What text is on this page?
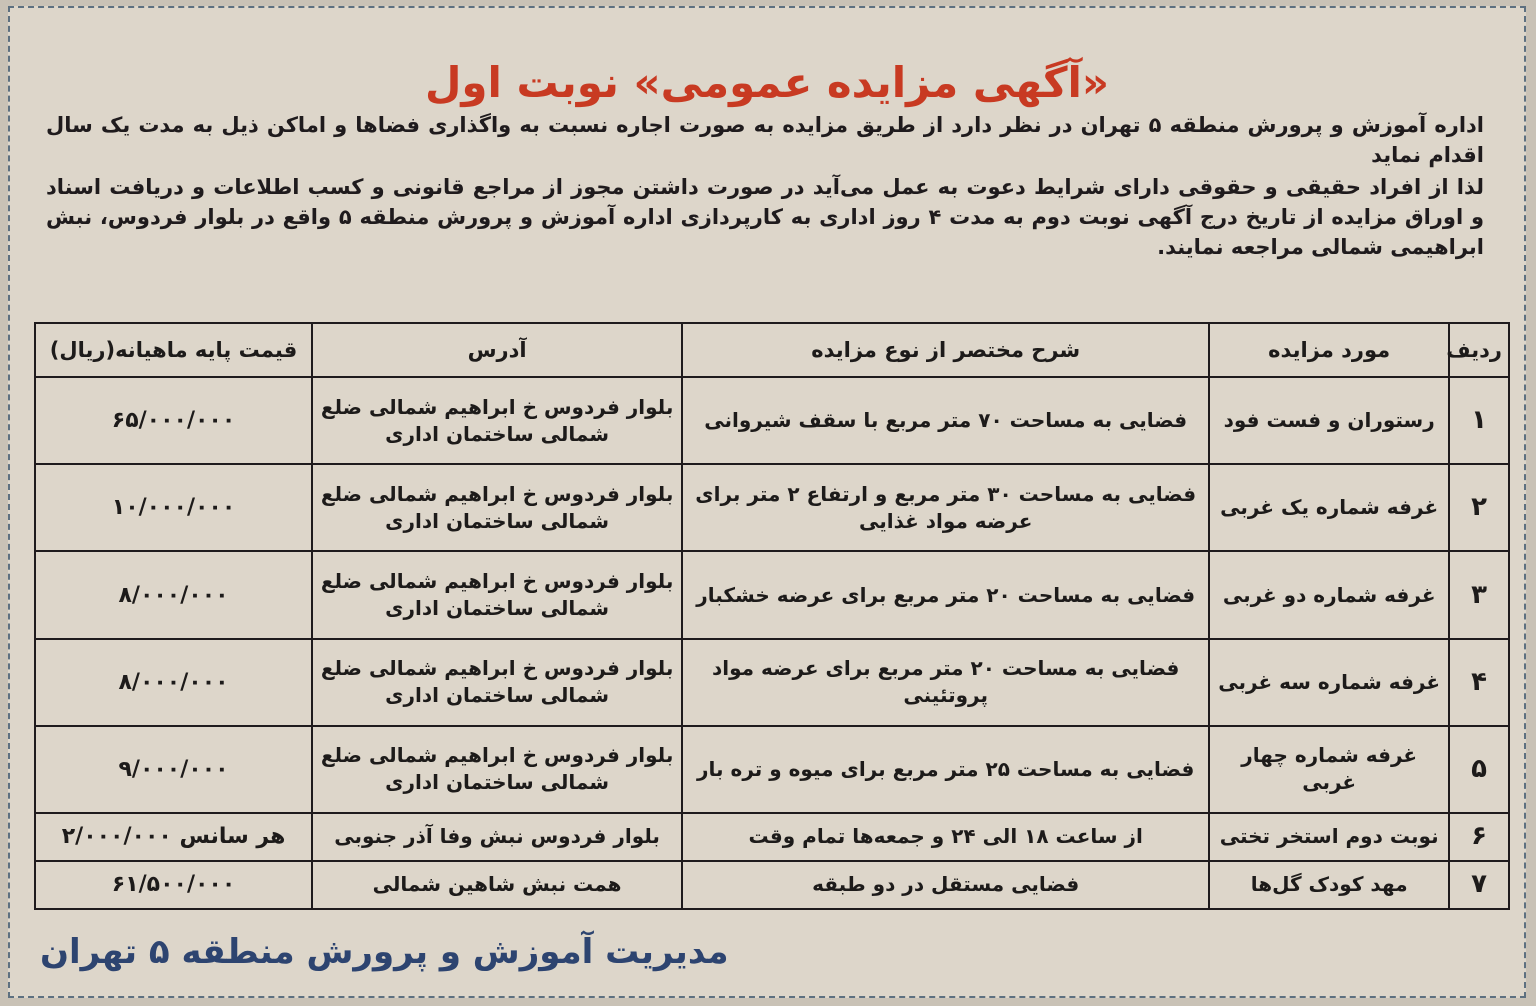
«آگهی مزایده عمومی» نوبت اول

اداره آموزش و پرورش منطقه ۵ تهران در نظر دارد از طریق مزایده به صورت اجاره نسبت به واگذاری فضاها و اماکن ذیل به مدت یک سال اقدام نماید

لذا از افراد حقیقی و حقوقی دارای شرایط دعوت به عمل می‌آید در صورت داشتن مجوز از مراجع قانونی و کسب اطلاعات و دریافت اسناد و اوراق مزایده از تاریخ درج آگهی نوبت دوم به مدت ۴ روز اداری به کارپردازی اداره آموزش و پرورش منطقه ۵ واقع در بلوار فردوس، نبش ابراهیمی شمالی مراجعه نمایند.

ردیف	مورد مزایده	شرح مختصر از نوع مزایده	آدرس	قیمت پایه ماهیانه(ریال)
۱	رستوران و فست فود	فضایی به مساحت ۷۰ متر مربع با سقف شیروانی	بلوار فردوس خ ابراهیم شمالی ضلع شمالی ساختمان اداری	۶۵/۰۰۰/۰۰۰
۲	غرفه شماره یک غربی	فضایی به مساحت ۳۰ متر مربع و ارتفاع ۲ متر برای عرضه مواد غذایی	بلوار فردوس خ ابراهیم شمالی ضلع شمالی ساختمان اداری	۱۰/۰۰۰/۰۰۰
۳	غرفه شماره دو غربی	فضایی به مساحت ۲۰ متر مربع برای عرضه خشکبار	بلوار فردوس خ ابراهیم شمالی ضلع شمالی ساختمان اداری	۸/۰۰۰/۰۰۰
۴	غرفه شماره سه غربی	فضایی به مساحت ۲۰ متر مربع برای عرضه مواد پروتئینی	بلوار فردوس خ ابراهیم شمالی ضلع شمالی ساختمان اداری	۸/۰۰۰/۰۰۰
۵	غرفه شماره چهار غربی	فضایی به مساحت ۲۵ متر مربع برای میوه و تره بار	بلوار فردوس خ ابراهیم شمالی ضلع شمالی ساختمان اداری	۹/۰۰۰/۰۰۰
۶	نوبت دوم استخر تختی	از ساعت ۱۸ الی ۲۴ و جمعه‌ها تمام وقت	بلوار فردوس نبش وفا آذر جنوبی	هر سانس ۲/۰۰۰/۰۰۰
۷	مهد کودک گل‌ها	فضایی مستقل در دو طبقه	همت نبش شاهین شمالی	۶۱/۵۰۰/۰۰۰
مدیریت آموزش و پرورش منطقه ۵ تهران
